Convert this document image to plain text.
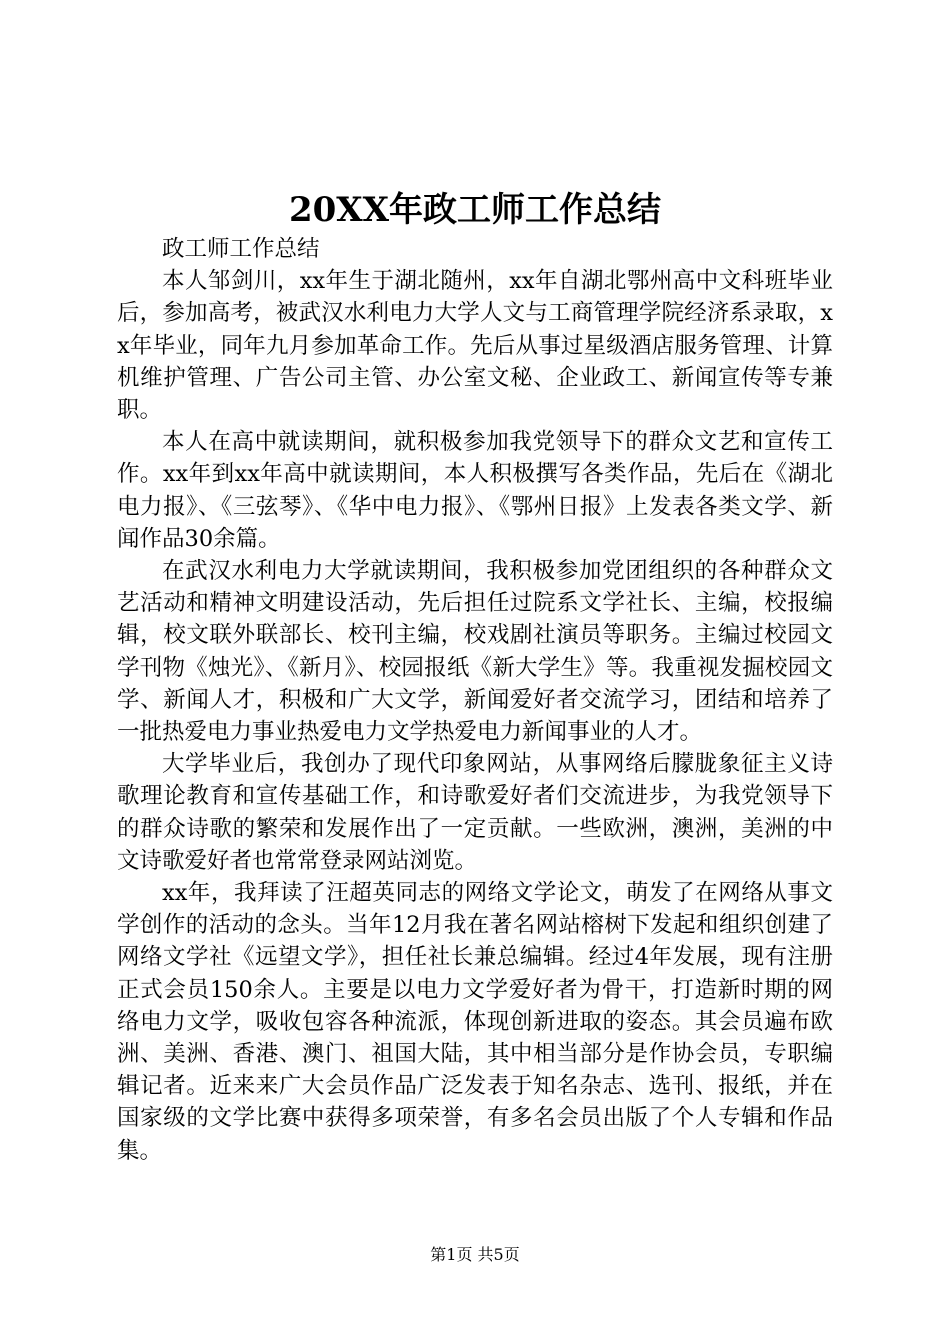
20XX年政工师工作总结

政工师工作总结

本人邹剑川，xx年生于湖北随州，xx年自湖北鄂州高中文科班毕业后，参加高考，被武汉水利电力大学人文与工商管理学院经济系录取，xx年毕业，同年九月参加革命工作。先后从事过星级酒店服务管理、计算机维护管理、广告公司主管、办公室文秘、企业政工、新闻宣传等专兼职。

本人在高中就读期间，就积极参加我党领导下的群众文艺和宣传工作。xx年到xx年高中就读期间，本人积极撰写各类作品，先后在《湖北电力报》、《三弦琴》、《华中电力报》、《鄂州日报》上发表各类文学、新闻作品30余篇。

在武汉水利电力大学就读期间，我积极参加党团组织的各种群众文艺活动和精神文明建设活动，先后担任过院系文学社长、主编，校报编辑，校文联外联部长、校刊主编，校戏剧社演员等职务。主编过校园文学刊物《烛光》、《新月》、校园报纸《新大学生》等。我重视发掘校园文学、新闻人才，积极和广大文学，新闻爱好者交流学习，团结和培养了一批热爱电力事业热爱电力文学热爱电力新闻事业的人才。

大学毕业后，我创办了现代印象网站，从事网络后朦胧象征主义诗歌理论教育和宣传基础工作，和诗歌爱好者们交流进步，为我党领导下的群众诗歌的繁荣和发展作出了一定贡献。一些欧洲，澳洲，美洲的中文诗歌爱好者也常常登录网站浏览。

xx年，我拜读了汪超英同志的网络文学论文，萌发了在网络从事文学创作的活动的念头。当年12月我在著名网站榕树下发起和组织创建了网络文学社《远望文学》，担任社长兼总编辑。经过4年发展，现有注册正式会员150余人。主要是以电力文学爱好者为骨干，打造新时期的网络电力文学，吸收包容各种流派，体现创新进取的姿态。其会员遍布欧洲、美洲、香港、澳门、祖国大陆，其中相当部分是作协会员，专职编辑记者。近来来广大会员作品广泛发表于知名杂志、选刊、报纸，并在国家级的文学比赛中获得多项荣誉，有多名会员出版了个人专辑和作品集。

第1页 共5页
